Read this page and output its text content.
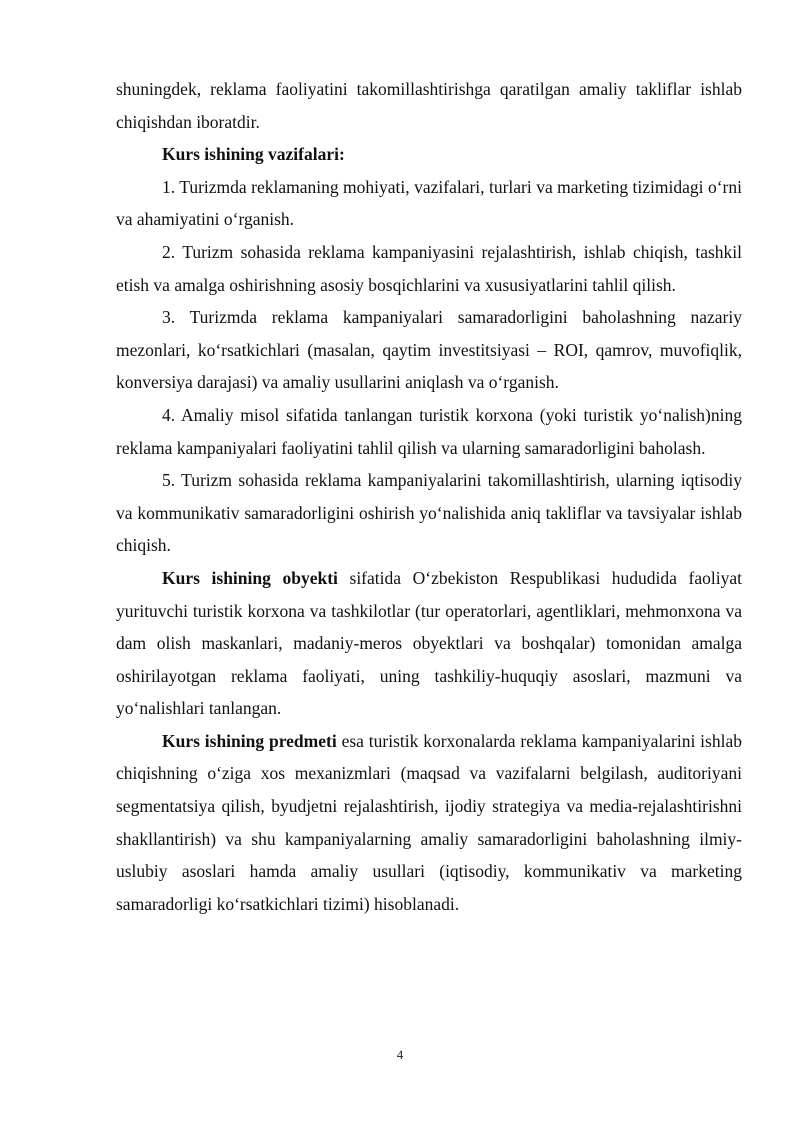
shuningdek, reklama faoliyatini takomillashtirishga qaratilgan amaliy takliflar ishlab chiqishdan iboratdir.

Kurs ishining vazifalari:

1. Turizmda reklamaning mohiyati, vazifalari, turlari va marketing tizimidagi o‘rni va ahamiyatini o‘rganish.

2. Turizm sohasida reklama kampaniyasini rejalashtirish, ishlab chiqish, tashkil etish va amalga oshirishning asosiy bosqichlarini va xususiyatlarini tahlil qilish.

3. Turizmda reklama kampaniyalari samaradorligini baholashning nazariy mezonlari, ko‘rsatkichlari (masalan, qaytim investitsiyasi – ROI, qamrov, muvofiqlik, konversiya darajasi) va amaliy usullarini aniqlash va o‘rganish.

4. Amaliy misol sifatida tanlangan turistik korxona (yoki turistik yo‘nalish)ning reklama kampaniyalari faoliyatini tahlil qilish va ularning samaradorligini baholash.

5. Turizm sohasida reklama kampaniyalarini takomillashtirish, ularning iqtisodiy va kommunikativ samaradorligini oshirish yo‘nalishida aniq takliflar va tavsiyalar ishlab chiqish.

Kurs ishining obyekti sifatida O‘zbekiston Respublikasi hududida faoliyat yurituvchi turistik korxona va tashkilotlar (tur operatorlari, agentliklari, mehmonxona va dam olish maskanlari, madaniy-meros obyektlari va boshqalar) tomonidan amalga oshirilayotgan reklama faoliyati, uning tashkiliy-huquqiy asoslari, mazmuni va yo‘nalishlari tanlangan.

Kurs ishining predmeti esa turistik korxonalarda reklama kampaniyalarini ishlab chiqishning o‘ziga xos mexanizmlari (maqsad va vazifalarni belgilash, auditoriyani segmentatsiya qilish, byudjetni rejalashtirish, ijodiy strategiya va media-rejalashtirishni shakllantirish) va shu kampaniyalarning amaliy samaradorligini baholashning ilmiy-uslubiy asoslari hamda amaliy usullari (iqtisodiy, kommunikativ va marketing samaradorligi ko‘rsatkichlari tizimi) hisoblanadi.

4
